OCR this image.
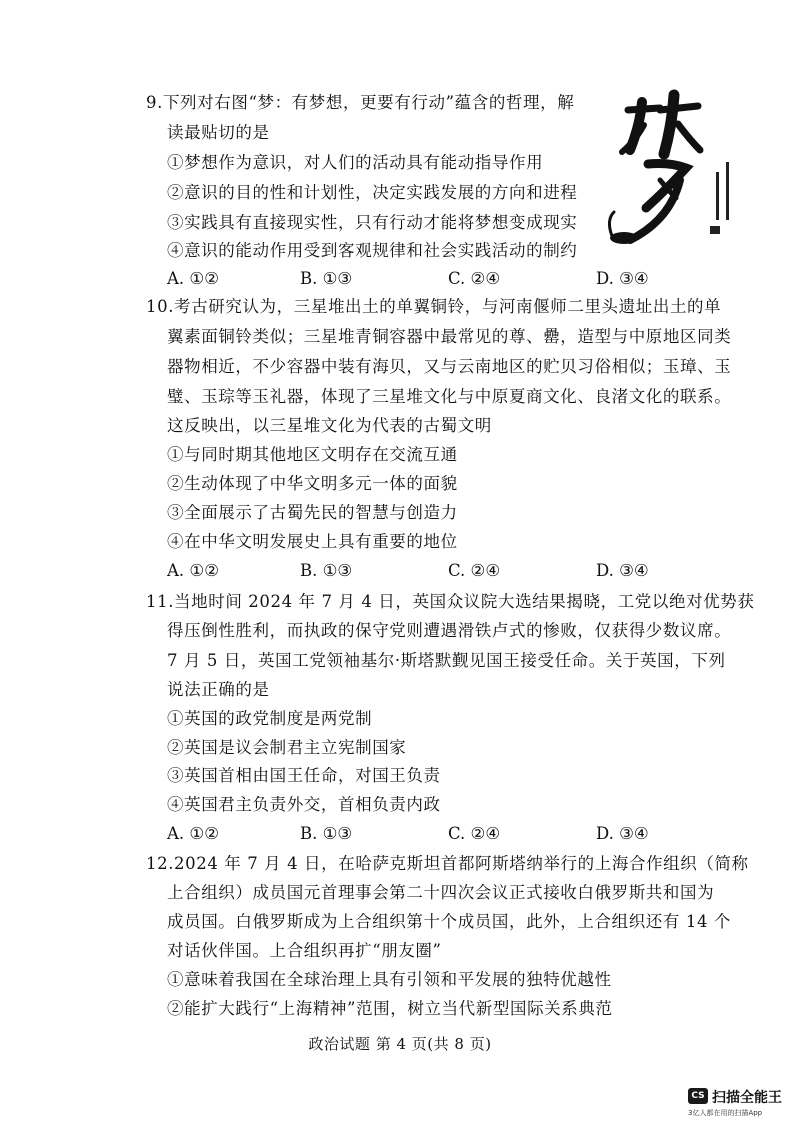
9.下列对右图“梦：有梦想，更要有行动”蕴含的哲理，解
读最贴切的是
①梦想作为意识，对人们的活动具有能动指导作用
②意识的目的性和计划性，决定实践发展的方向和进程
③实践具有直接现实性，只有行动才能将梦想变成现实
④意识的能动作用受到客观规律和社会实践活动的制约
A. ①②	B. ①③	C. ②④	D. ③④
10.考古研究认为，三星堆出土的单翼铜铃，与河南偃师二里头遗址出土的单
翼素面铜铃类似；三星堆青铜容器中最常见的尊、罍，造型与中原地区同类
器物相近，不少容器中装有海贝，又与云南地区的贮贝习俗相似；玉璋、玉
璧、玉琮等玉礼器，体现了三星堆文化与中原夏商文化、良渚文化的联系。
这反映出，以三星堆文化为代表的古蜀文明
①与同时期其他地区文明存在交流互通
②生动体现了中华文明多元一体的面貌
③全面展示了古蜀先民的智慧与创造力
④在中华文明发展史上具有重要的地位
A. ①②	B. ①③	C. ②④	D. ③④
11.当地时间 2024 年 7 月 4 日，英国众议院大选结果揭晓，工党以绝对优势获
得压倒性胜利，而执政的保守党则遭遇滑铁卢式的惨败，仅获得少数议席。
7 月 5 日，英国工党领袖基尔·斯塔默觐见国王接受任命。关于英国，下列
说法正确的是
①英国的政党制度是两党制
②英国是议会制君主立宪制国家
③英国首相由国王任命，对国王负责
④英国君主负责外交，首相负责内政
A. ①②	B. ①③	C. ②④	D. ③④
12.2024 年 7 月 4 日，在哈萨克斯坦首都阿斯塔纳举行的上海合作组织（简称
上合组织）成员国元首理事会第二十四次会议正式接收白俄罗斯共和国为
成员国。白俄罗斯成为上合组织第十个成员国，此外，上合组织还有 14 个
对话伙伴国。上合组织再扩“朋友圈”
①意味着我国在全球治理上具有引领和平发展的独特优越性
②能扩大践行“上海精神”范围，树立当代新型国际关系典范
政治试题 第 4 页(共 8 页)
CS 扫描全能王
3亿人都在用的扫描App
